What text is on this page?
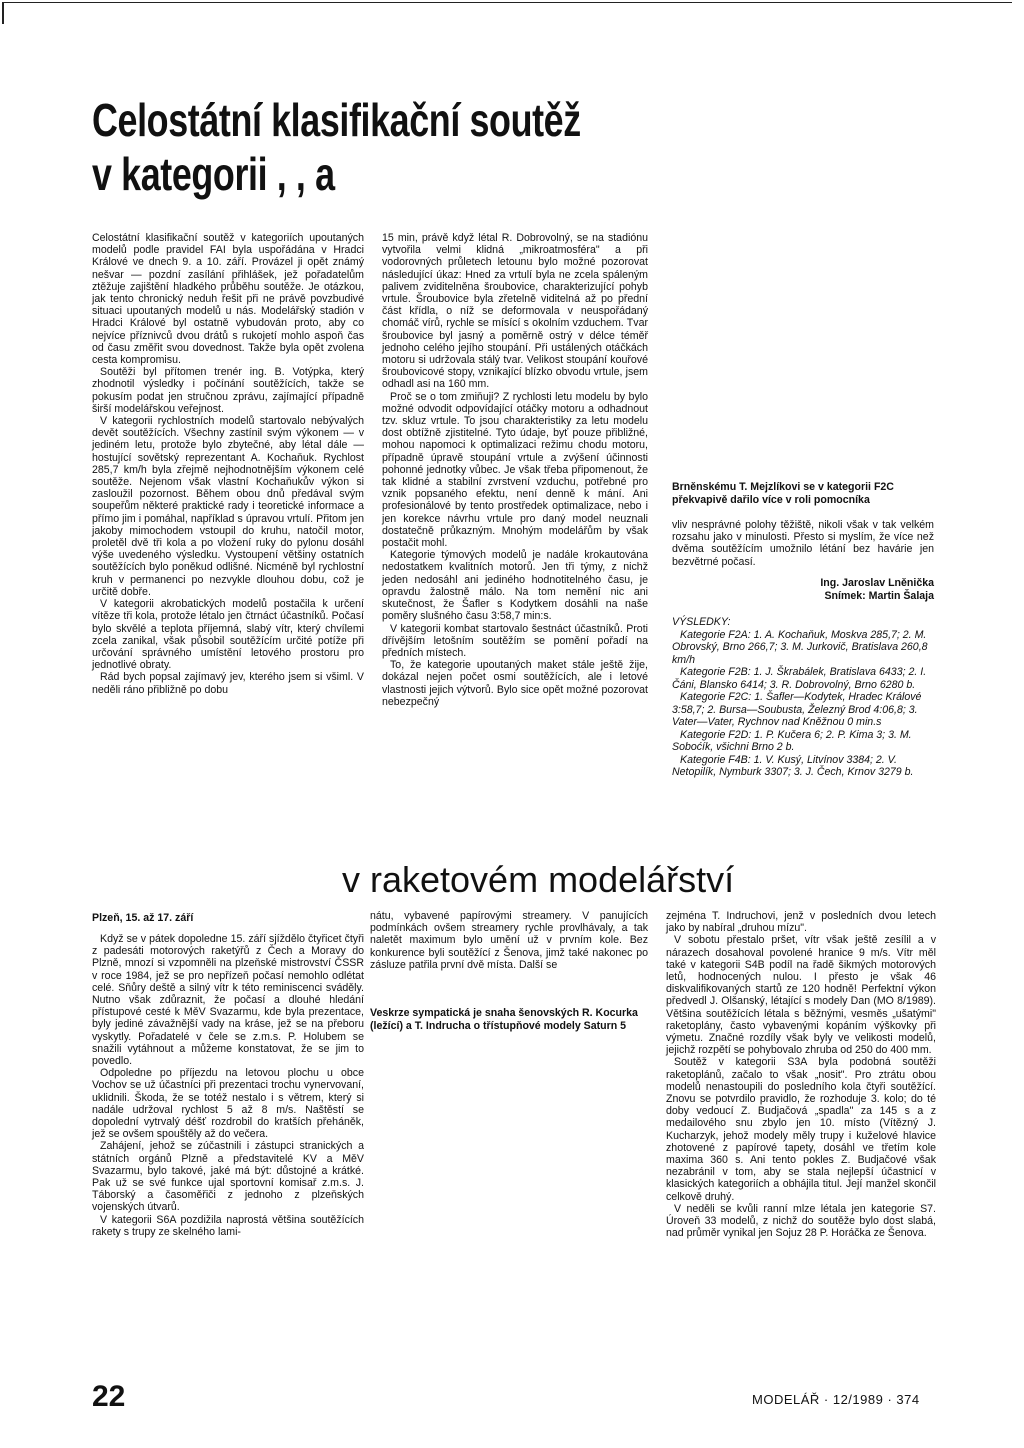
Celostátní klasifikační soutěž
v kategorii , , a

Celostátní klasifikační soutěž v kategoriích upoutaných modelů podle pravidel FAI byla uspořádána v Hradci Králové ve dnech 9. a 10. září. Provázel ji opět známý nešvar — pozdní zasílání přihlášek, jež pořadatelům ztěžuje zajištění hladkého průběhu soutěže. Je otázkou, jak tento chronický neduh řešit při ne právě povzbudivé situaci upoutaných modelů u nás. Modelářský stadión v Hradci Králové byl ostatně vybudován proto, aby co nejvíce příznivců dvou drátů s rukojetí mohlo aspoň čas od času změřit svou dovednost. Takže byla opět zvolena cesta kompromisu.

Soutěži byl přítomen trenér ing. B. Votýpka, který zhodnotil výsledky i počínání soutěžících, takže se pokusím podat jen stručnou zprávu, zajímající případně širší modelářskou veřejnost.

V kategorii rychlostních modelů startovalo nebývalých devět soutěžících. Všechny zastínil svým výkonem — v jediném letu, protože bylo zbytečné, aby létal dále — hostující sovětský reprezentant A. Kochaňuk. Rychlost 285,7 km/h byla zřejmě nejhodnotnějším výkonem celé soutěže. Nejenom však vlastní Kochaňukův výkon si zasloužil pozornost. Během obou dnů předával svým soupeřům některé praktické rady i teoretické informace a přímo jim i pomáhal, například s úpravou vrtulí. Přitom jen jakoby mimochodem vstoupil do kruhu, natočil motor, proletěl dvě tři kola a po vložení ruky do pylonu dosáhl výše uvedeného výsledku. Vystoupení většiny ostatních soutěžících bylo poněkud odlišné. Nicméně byl rychlostní kruh v permanenci po nezvykle dlouhou dobu, což je určitě dobře.

V kategorii akrobatických modelů postačila k určení vítěze tři kola, protože létalo jen čtrnáct účastníků. Počasí bylo skvělé a teplota příjemná, slabý vítr, který chvílemi zcela zanikal, však působil soutěžícím určité potíže při určování správného umístění letového prostoru pro jednotlivé obraty.

Rád bych popsal zajímavý jev, kterého jsem si všiml. V neděli ráno přibližně po dobu

15 min, právě když létal R. Dobrovolný, se na stadiónu vytvořila velmi klidná „mikroatmosféra" a při vodorovných průletech letounu bylo možné pozorovat následující úkaz: Hned za vrtulí byla ne zcela spáleným palivem zviditelněna šroubovice, charakterizující pohyb vrtule. Šroubovice byla zřetelně viditelná až po přední část křídla, o níž se deformovala v neuspořádaný chomáč vírů, rychle se mísící s okolním vzduchem. Tvar šroubovice byl jasný a poměrně ostrý v délce téměř jednoho celého jejího stoupání. Při ustálených otáčkách motoru si udržovala stálý tvar. Velikost stoupání kouřové šroubovicové stopy, vznikající blízko obvodu vrtule, jsem odhadl asi na 160 mm.

Proč se o tom zmiňuji? Z rychlosti letu modelu by bylo možné odvodit odpovídající otáčky motoru a odhadnout tzv. skluz vrtule. To jsou charakteristiky za letu modelu dost obtížně zjistitelné. Tyto údaje, byť pouze přibližné, mohou napomoci k optimalizaci režimu chodu motoru, případně úpravě stoupání vrtule a zvýšení účinnosti pohonné jednotky vůbec. Je však třeba připomenout, že tak klidné a stabilní zvrstvení vzduchu, potřebné pro vznik popsaného efektu, není denně k mání. Ani profesionálové by tento prostředek optimalizace, nebo i jen korekce návrhu vrtule pro daný model neuznali dostatečně průkazným. Mnohým modelářům by však postačit mohl.

Kategorie týmových modelů je nadále krokautována nedostatkem kvalitních motorů. Jen tři týmy, z nichž jeden nedosáhl ani jediného hodnotitelného času, je opravdu žalostně málo. Na tom nemění nic ani skutečnost, že Šafler s Kodytkem dosáhli na naše poměry slušného času 3:58,7 min:s.

V kategorii kombat startovalo šestnáct účastníků. Proti dřívějším letošním soutěžím se pomění pořadí na předních místech.

To, že kategorie upoutaných maket stále ještě žije, dokázal nejen počet osmi soutěžících, ale i letové vlastnosti jejich výtvorů. Bylo sice opět možné pozorovat nebezpečný

Brněnskému T. Mejzlíkovi se v kategorii F2C překvapivě dařilo více v roli pomocníka

vliv nesprávné polohy těžiště, nikoli však v tak velkém rozsahu jako v minulosti. Přesto si myslím, že více než dvěma soutěžícím umožnilo létání bez havárie jen bezvětrné počasí.

Ing. Jaroslav Lněnička
Snímek: Martin Šalaja

VÝSLEDKY:

Kategorie F2A: 1. A. Kochaňuk, Moskva 285,7; 2. M. Obrovský, Brno 266,7; 3. M. Jurkovič, Bratislava 260,8 km/h

Kategorie F2B: 1. J. Škrabálek, Bratislava 6433; 2. I. Čáni, Blansko 6414; 3. R. Dobrovolný, Brno 6280 b.

Kategorie F2C: 1. Šafler—Kodytek, Hradec Králové 3:58,7; 2. Bursa—Soubusta, Železný Brod 4:06,8; 3. Vater—Vater, Rychnov nad Kněžnou 0 min.s

Kategorie F2D: 1. P. Kučera 6; 2. P. Kima 3; 3. M. Soboćík, všichni Brno 2 b.

Kategorie F4B: 1. V. Kusý, Litvínov 3384; 2. V. Netopilík, Nymburk 3307; 3. J. Čech, Krnov 3279 b.

v raketovém modelářství
Plzeň, 15. až 17. září

Když se v pátek dopoledne 15. září sjíždělo čtyřicet čtyři z padesáti motorových raketýřů z Čech a Moravy do Plzně, mnozí si vzpomněli na plzeňské mistrovství ČSSR v roce 1984, jež se pro nepřízeň počasí nemohlo odlétat celé. Sňůry deště a silný vítr k této reminiscenci sváděly. Nutno však zdůraznit, že počasí a dlouhé hledání přístupové cesté k MěV Svazarmu, kde byla prezentace, byly jediné závažnější vady na kráse, jež se na přeboru vyskytly. Pořadatelé v čele se z.m.s. P. Holubem se snažili vytáhnout a můžeme konstatovat, že se jim to povedlo.

Odpoledne po příjezdu na letovou plochu u obce Vochov se už účastníci při prezentaci trochu vynervovaní, uklidnili. Škoda, že se totéž nestalo i s větrem, který si nadále udržoval rychlost 5 až 8 m/s. Naštěstí se dopolední vytrvalý déšť rozdrobil do kratších přeháněk, jež se ovšem spouštěly až do večera.

Zahájení, jehož se zúčastnili i zástupci stranických a státních orgánů Plzně a představitelé KV a MěV Svazarmu, bylo takové, jaké má být: důstojné a krátké. Pak už se své funkce ujal sportovní komisař z.m.s. J. Táborský a časoměřiči z jednoho z plzeňských vojenských útvarů.

V kategorii S6A pozdižila naprostá většina soutěžících rakety s trupy ze skelného lami-

nátu, vybavené papírovými streamery. V panujících podmínkách ovšem streamery rychle provlhávaly, a tak naletět maximum bylo umění už v prvním kole. Bez konkurence byli soutěžící z Šenova, jimž také nakonec po zásluze patřila první dvě místa. Další se

Veskrze sympatická je snaha šenovských R. Kocurka (ležící) a T. Indrucha o třístupňové modely Saturn 5

zejména T. Indruchovi, jenž v posledních dvou letech jako by nabíral „druhou mízu".

V sobotu přestalo pršet, vítr však ještě zesílil a v nárazech dosahoval povolené hranice 9 m/s. Vítr měl také v kategorii S4B podíl na řadě šikmých motorových letů, hodnocených nulou. I přesto je však 46 diskvalifikovaných startů ze 120 hodně! Perfektní výkon předvedl J. Olšanský, létající s modely Dan (MO 8/1989). Většina soutěžících létala s běžnými, vesměs „ušatými" raketoplány, často vybavenými kopáním výškovky při výmetu. Značné rozdíly však byly ve velikosti modelů, jejichž rozpětí se pohybovalo zhruba od 250 do 400 mm.

Soutěž v kategorii S3A byla podobná soutěži raketoplánů, začalo to však „nosit". Pro ztrátu obou modelů nenastoupili do posledního kola čtyři soutěžící. Znovu se potvrdilo pravidlo, že rozhoduje 3. kolo; do té doby vedoucí Z. Budjačová „spadla" za 145 s a z medailového snu zbylo jen 10. místo (Vítězný J. Kucharzyk, jehož modely měly trupy i kuželové hlavice zhotovené z papírové tapety, dosáhl ve třetím kole maxima 360 s. Ani tento pokles Z. Budjačové však nezabránil v tom, aby se stala nejlepší účastnicí v klasických kategoriích a obhájila titul. Její manžel skončil celkově druhý.

V neděli se kvůli ranní mlze létala jen kategorie S7. Úroveň 33 modelů, z nichž do soutěže bylo dost slabá, nad průměr vynikal jen Sojuz 28 P. Horáčka ze Šenova.

22	MODELÁŘ · 12/1989 · 374
